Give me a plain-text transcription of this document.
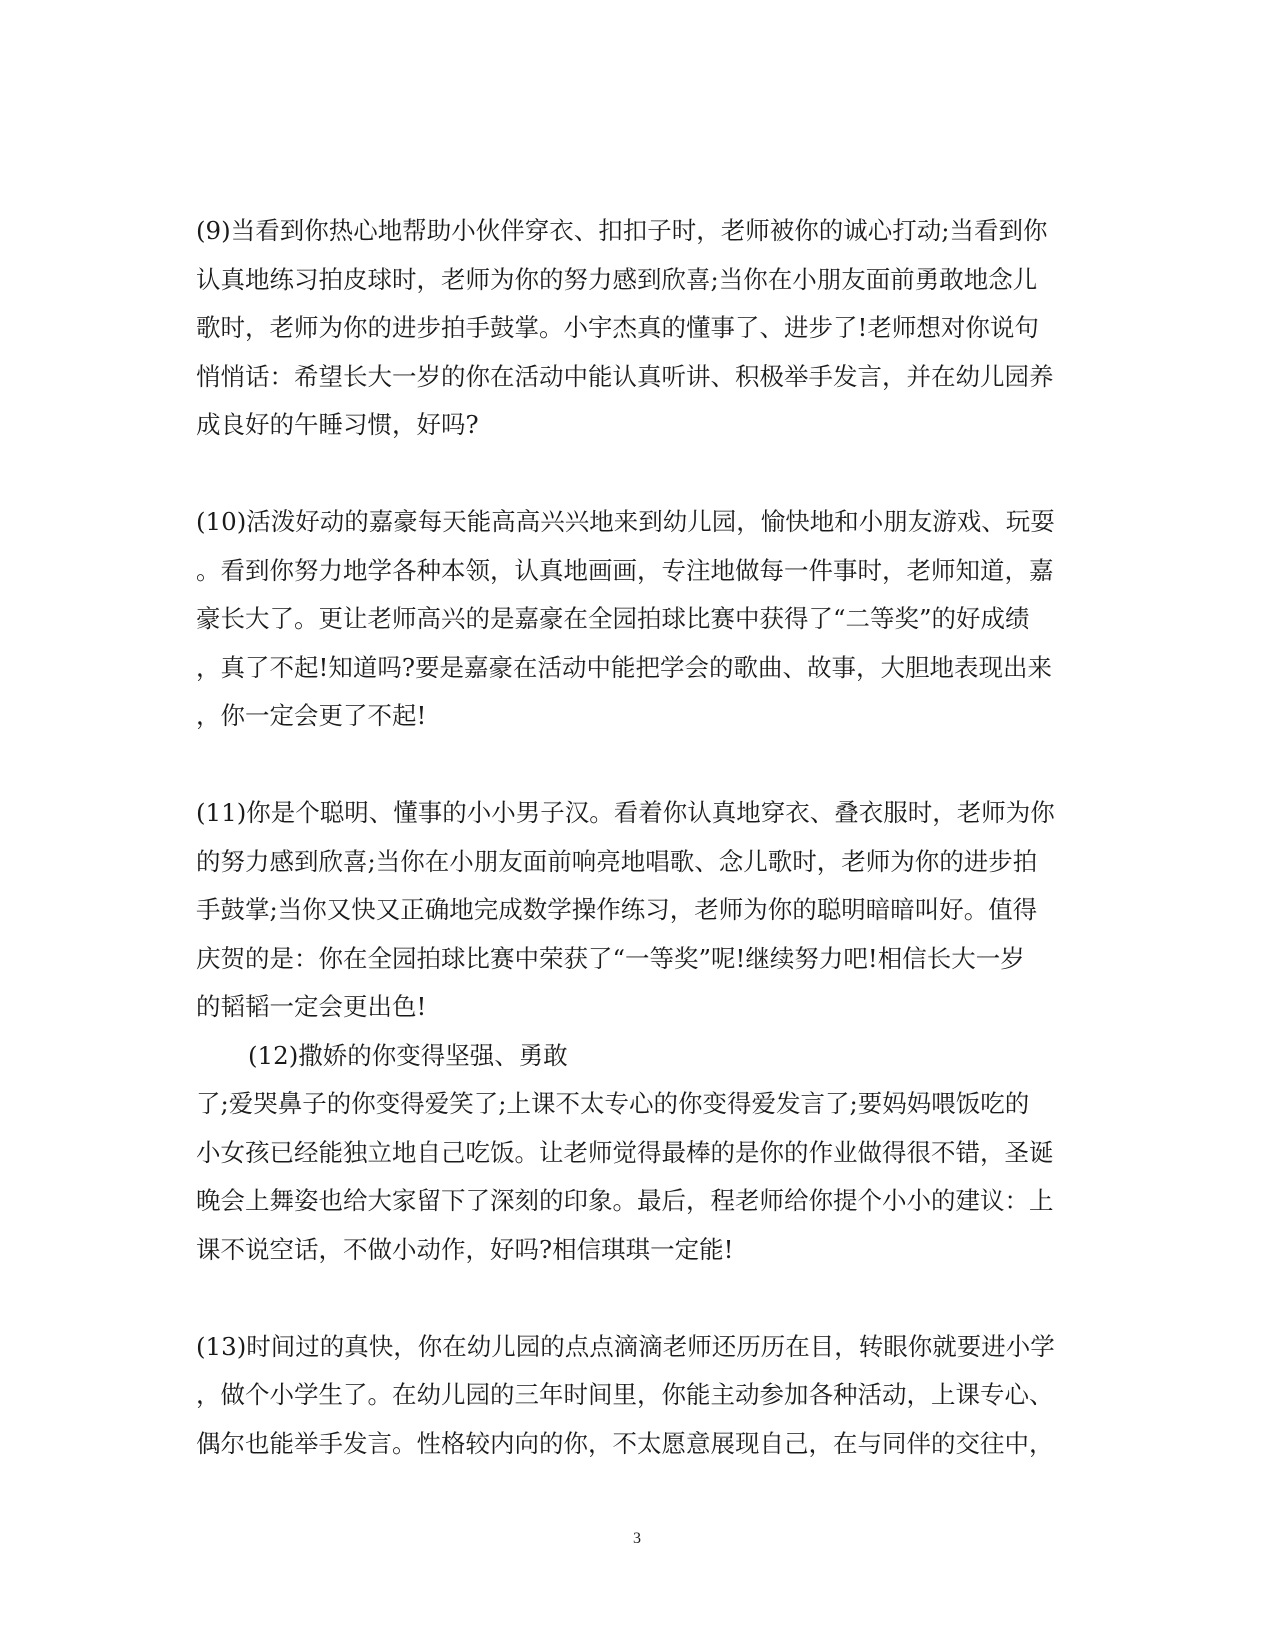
(9)当看到你热心地帮助小伙伴穿衣、扣扣子时，老师被你的诚心打动;当看到你
认真地练习拍皮球时，老师为你的努力感到欣喜;当你在小朋友面前勇敢地念儿
歌时，老师为你的进步拍手鼓掌。小宇杰真的懂事了、进步了!老师想对你说句
悄悄话：希望长大一岁的你在活动中能认真听讲、积极举手发言，并在幼儿园养
成良好的午睡习惯，好吗?

(10)活泼好动的嘉豪每天能高高兴兴地来到幼儿园，愉快地和小朋友游戏、玩耍
。看到你努力地学各种本领，认真地画画，专注地做每一件事时，老师知道，嘉
豪长大了。更让老师高兴的是嘉豪在全园拍球比赛中获得了“二等奖”的好成绩
，真了不起!知道吗?要是嘉豪在活动中能把学会的歌曲、故事，大胆地表现出来
，你一定会更了不起!

(11)你是个聪明、懂事的小小男子汉。看着你认真地穿衣、叠衣服时，老师为你
的努力感到欣喜;当你在小朋友面前响亮地唱歌、念儿歌时，老师为你的进步拍
手鼓掌;当你又快又正确地完成数学操作练习，老师为你的聪明暗暗叫好。值得
庆贺的是：你在全园拍球比赛中荣获了“一等奖”呢!继续努力吧!相信长大一岁
的韬韬一定会更出色!

(12)撒娇的你变得坚强、勇敢
了;爱哭鼻子的你变得爱笑了;上课不太专心的你变得爱发言了;要妈妈喂饭吃的
小女孩已经能独立地自己吃饭。让老师觉得最棒的是你的作业做得很不错，圣诞
晚会上舞姿也给大家留下了深刻的印象。最后，程老师给你提个小小的建议：上
课不说空话，不做小动作，好吗?相信琪琪一定能!

(13)时间过的真快，你在幼儿园的点点滴滴老师还历历在目，转眼你就要进小学
，做个小学生了。在幼儿园的三年时间里，你能主动参加各种活动，上课专心、
偶尔也能举手发言。性格较内向的你，不太愿意展现自己，在与同伴的交往中，

3
